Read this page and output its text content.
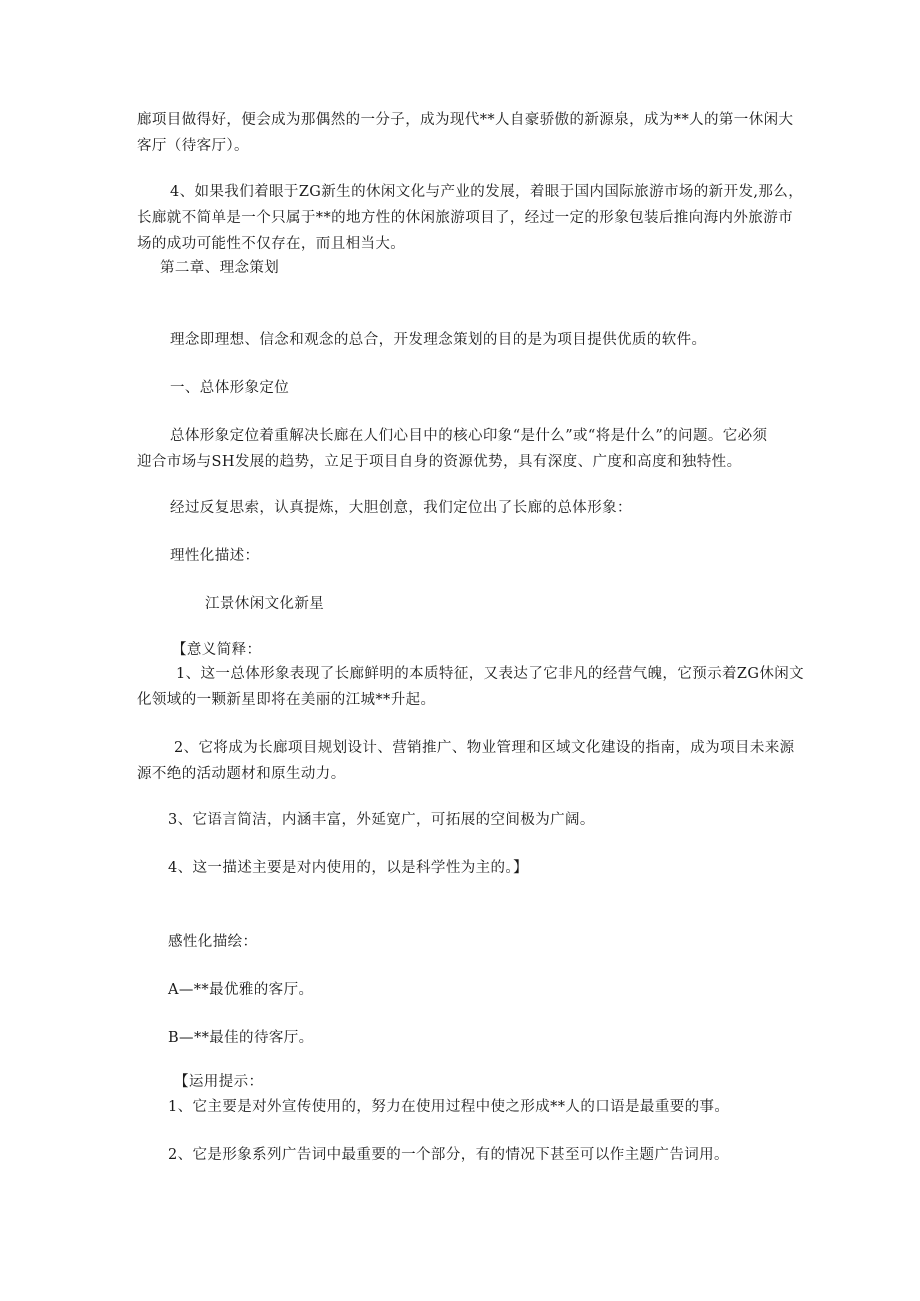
廊项目做得好，便会成为那偶然的一分子，成为现代**人自豪骄傲的新源泉，成为**人的第一休闲大

客厅（待客厅）。

4、如果我们着眼于ZG新生的休闲文化与产业的发展，着眼于国内国际旅游市场的新开发,那么，

长廊就不简单是一个只属于**的地方性的休闲旅游项目了，经过一定的形象包装后推向海内外旅游市

场的成功可能性不仅存在，而且相当大。

第二章、理念策划

理念即理想、信念和观念的总合，开发理念策划的目的是为项目提供优质的软件。

一、总体形象定位

总体形象定位着重解决长廊在人们心目中的核心印象“是什么”或“将是什么”的问题。它必须

迎合市场与SH发展的趋势，立足于项目自身的资源优势，具有深度、广度和高度和独特性。

经过反复思索，认真提炼，大胆创意，我们定位出了长廊的总体形象：

理性化描述：

江景休闲文化新星

【意义简释：

1、这一总体形象表现了长廊鲜明的本质特征，又表达了它非凡的经营气魄，它预示着ZG休闲文

化领域的一颗新星即将在美丽的江城**升起。

2、它将成为长廊项目规划设计、营销推广、物业管理和区域文化建设的指南，成为项目未来源

源不绝的活动题材和原生动力。

3、它语言简洁，内涵丰富，外延宽广，可拓展的空间极为广阔。

4、这一描述主要是对内使用的，以是科学性为主的。】

感性化描绘：

A—**最优雅的客厅。

B—**最佳的待客厅。

【运用提示：

1、它主要是对外宣传使用的，努力在使用过程中使之形成**人的口语是最重要的事。

2、它是形象系列广告词中最重要的一个部分，有的情况下甚至可以作主题广告词用。
